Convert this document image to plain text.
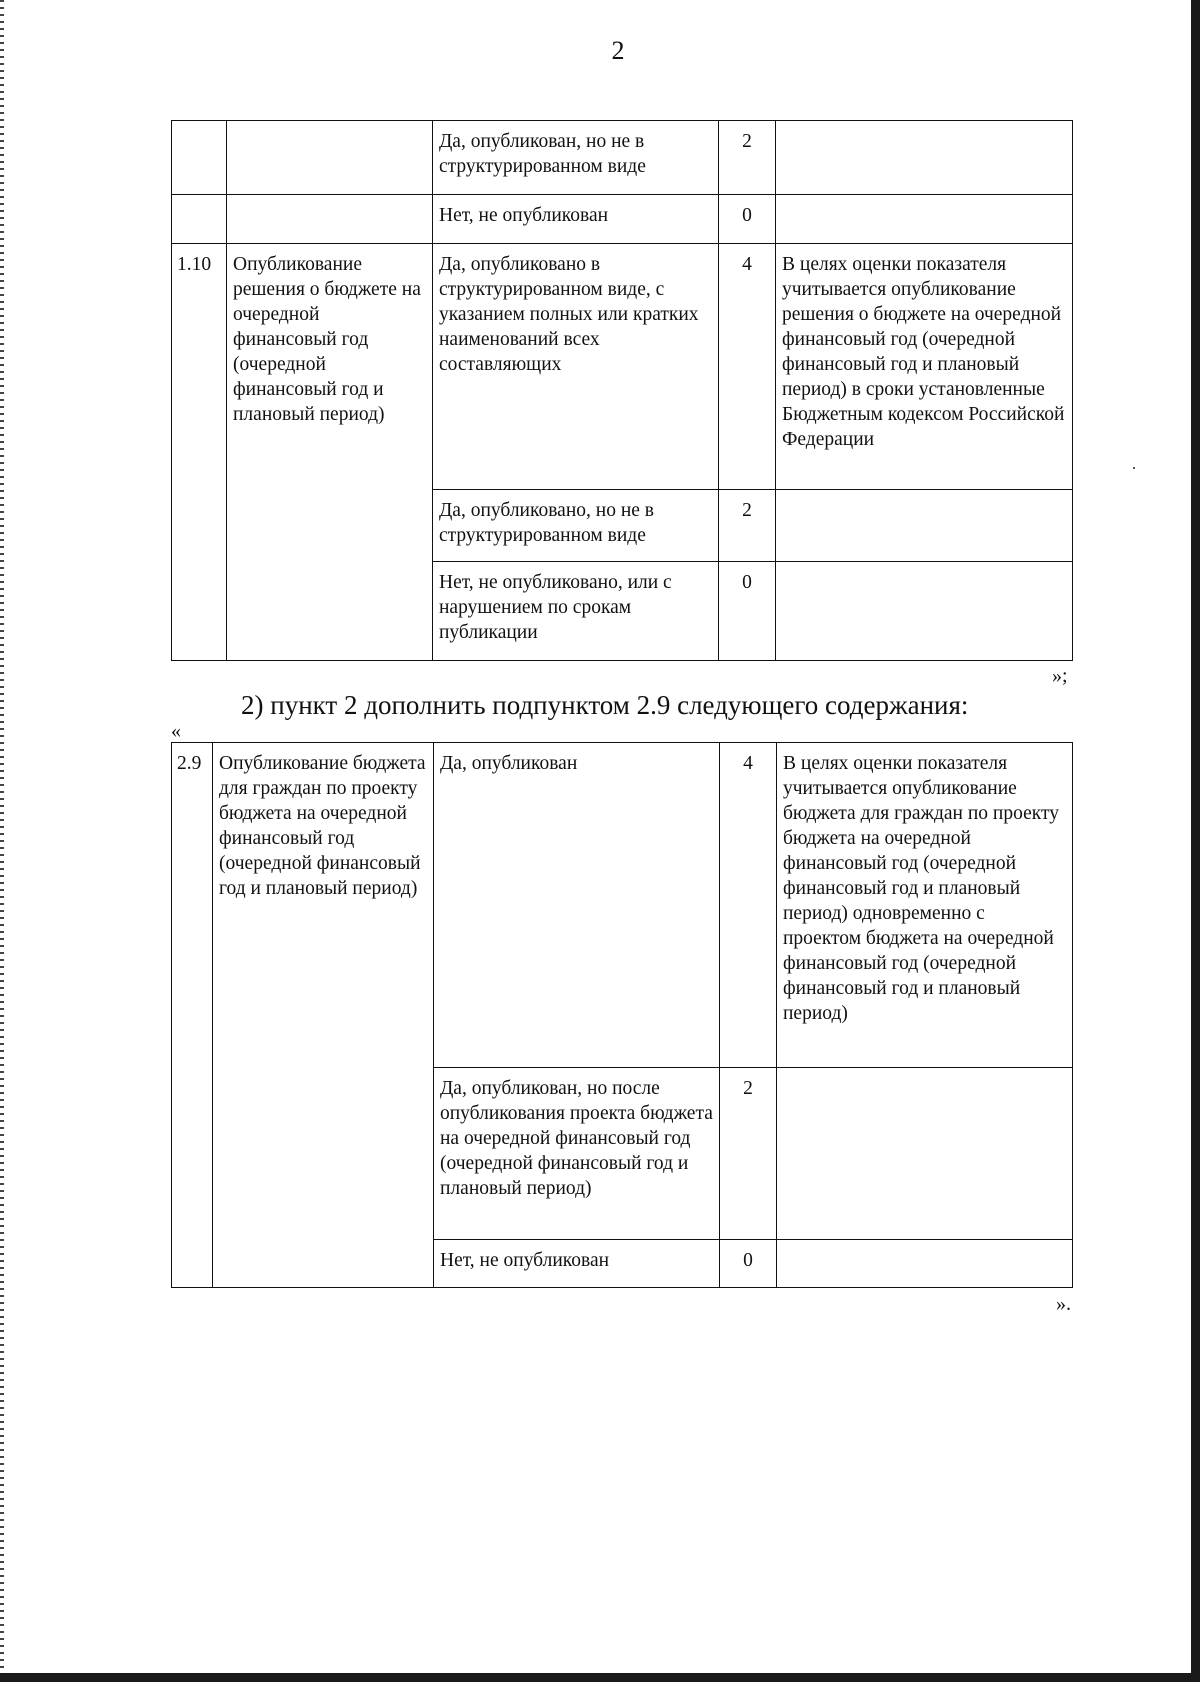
2
		Да, опубликован, но не в структурированном виде	2	
		Нет, не опубликован	0	
1.10	Опубликование решения о бюджете на очередной финансовый год (очередной финансовый год и плановый период)	Да, опубликовано в структурированном виде, с указанием полных или кратких наименований всех составляющих	4	В целях оценки показателя учитывается опубликование решения о бюджете на очередной финансовый год (очередной финансовый год и плановый период) в сроки установленные Бюджетным кодексом Российской Федерации
		Да, опубликовано, но не в структурированном виде	2	
		Нет, не опубликовано, или с нарушением по срокам публикации	0	
»;
2) пункт 2 дополнить подпунктом 2.9 следующего содержания:
«
2.9	Опубликование бюджета для граждан по проекту бюджета на очередной финансовый год (очередной финансовый год и плановый период)	Да, опубликован	4	В целях оценки показателя учитывается опубликование бюджета для граждан по проекту бюджета на очередной финансовый год (очередной финансовый год и плановый период) одновременно с проектом бюджета на очередной финансовый год (очередной финансовый год и плановый период)
		Да, опубликован, но после опубликования проекта бюджета на очередной финансовый год (очередной финансовый год и плановый период)	2	
		Нет, не опубликован	0	
».
